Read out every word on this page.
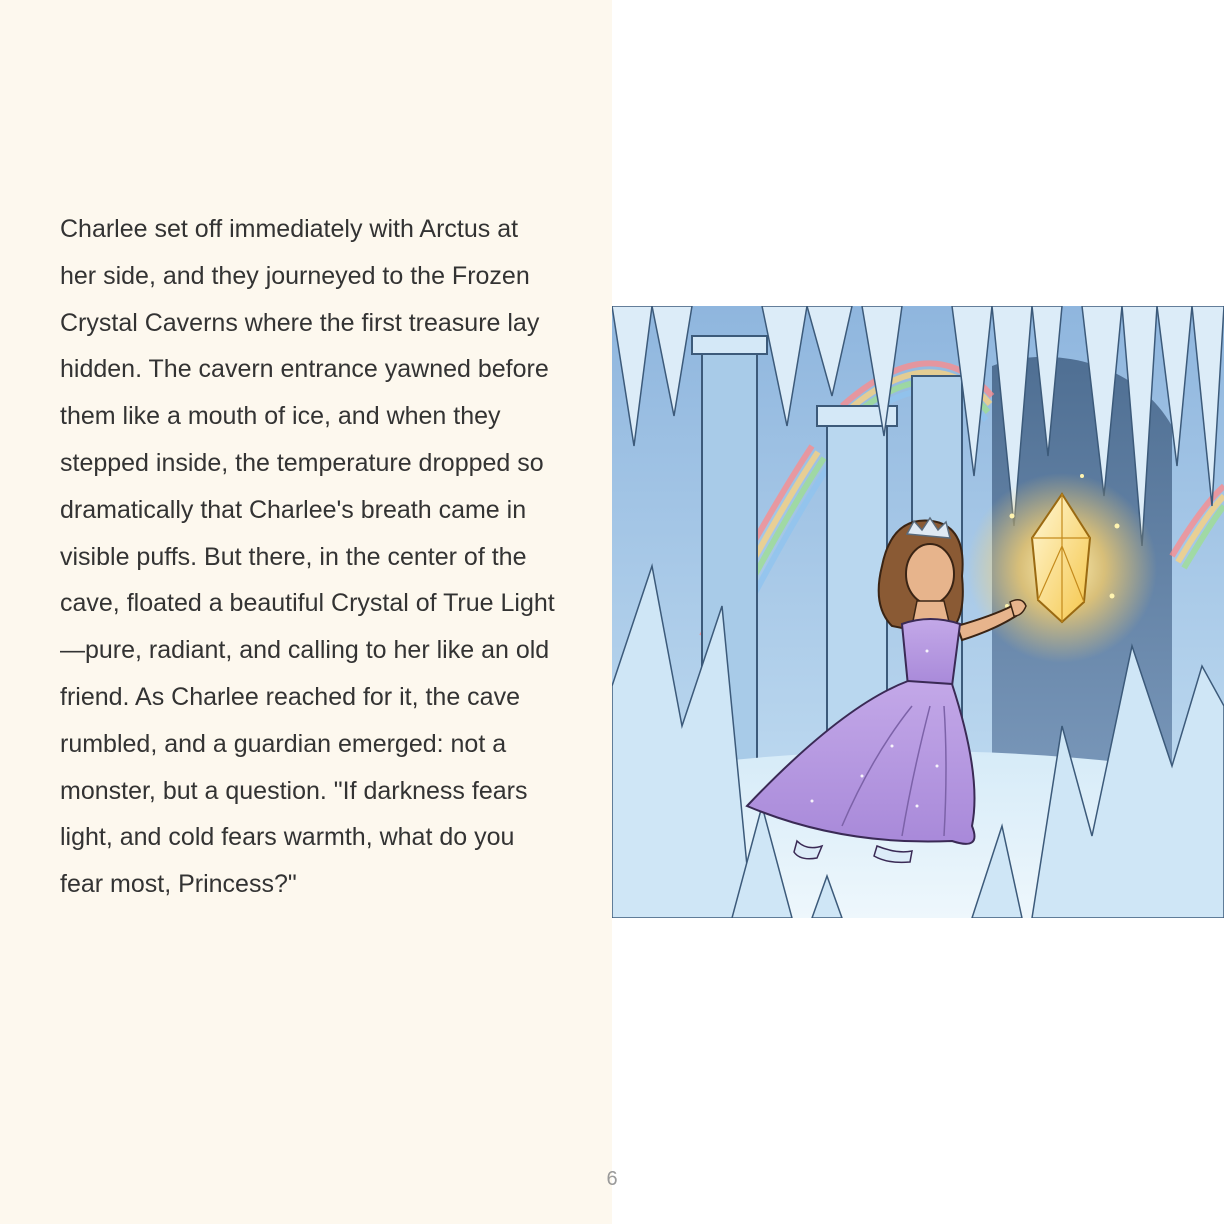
Charlee set off immediately with Arctus at her side, and they journeyed to the Frozen Crystal Caverns where the first treasure lay hidden. The cavern entrance yawned before them like a mouth of ice, and when they stepped inside, the temperature dropped so dramatically that Charlee's breath came in visible puffs. But there, in the center of the cave, floated a beautiful Crystal of True Light—pure, radiant, and calling to her like an old friend. As Charlee reached for it, the cave rumbled, and a guardian emerged: not a monster, but a question. "If darkness fears light, and cold fears warmth, what do you fear most, Princess?"

6
